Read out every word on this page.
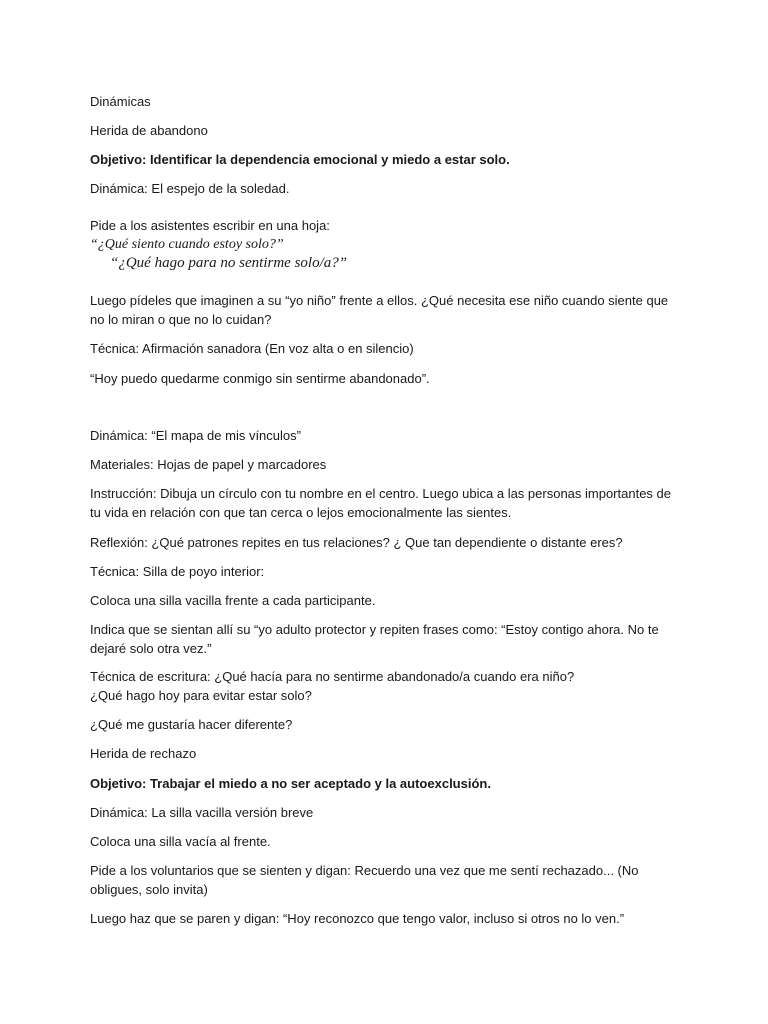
Dinámicas
Herida de abandono
Objetivo: Identificar la dependencia emocional y miedo a estar solo.
Dinámica: El espejo de la soledad.
Pide a los asistentes escribir en una hoja:
“¿Qué siento cuando estoy solo?”
“¿Qué hago para no sentirme solo/a?”
Luego pídeles que imaginen a su “yo niño” frente a ellos. ¿Qué necesita ese niño cuando siente que no lo miran o que no lo cuidan?
Técnica: Afirmación sanadora (En voz alta o en silencio)
“Hoy puedo quedarme conmigo sin sentirme abandonado”.
Dinámica: “El mapa de mis vínculos”
Materiales: Hojas de papel y marcadores
Instrucción: Dibuja un círculo con tu nombre en el centro. Luego ubica a las personas importantes de tu vida en relación con que tan cerca o lejos emocionalmente las sientes.
Reflexión: ¿Qué patrones repites en tus relaciones? ¿ Que tan dependiente o distante eres?
Técnica: Silla de poyo interior:
Coloca una silla vacilla frente a cada participante.
Indica que se sientan allí su “yo adulto protector y repiten frases como: “Estoy contigo ahora. No te dejaré solo otra vez.”
Técnica de escritura: ¿Qué hacía para no sentirme abandonado/a cuando era niño?
¿Qué hago hoy para evitar estar solo?
¿Qué me gustaría hacer diferente?
Herida de rechazo
Objetivo: Trabajar el miedo a no ser aceptado y la autoexclusión.
Dinámica: La silla vacilla versión breve
Coloca una silla vacía al frente.
Pide a los voluntarios que se sienten y digan: Recuerdo una vez que me sentí rechazado... (No obligues, solo invita)
Luego haz que se paren y digan: “Hoy reconozco que tengo valor, incluso si otros no lo ven.”
